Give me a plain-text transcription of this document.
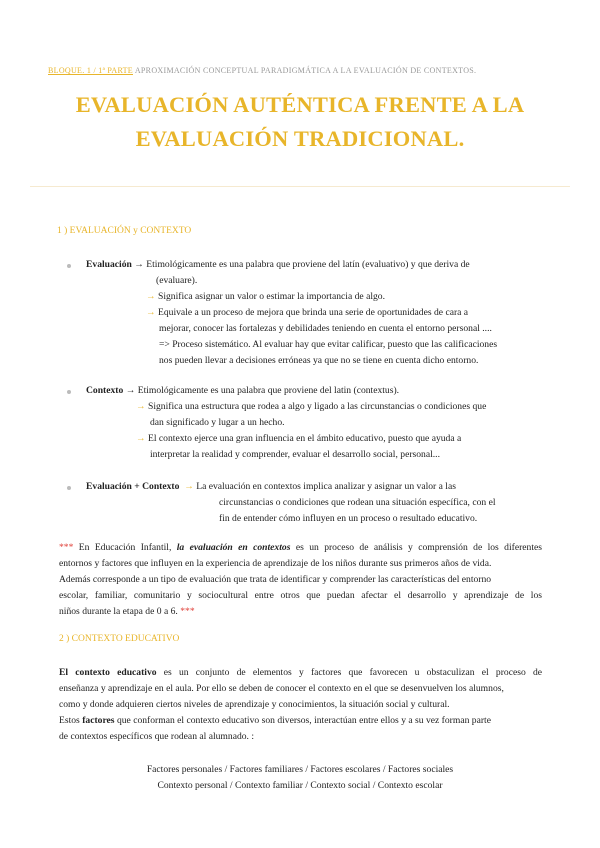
BLOQUE. 1 / 1ª PARTE APROXIMACIÓN CONCEPTUAL PARADIGMÁTICA A LA EVALUACIÓN DE CONTEXTOS.
EVALUACIÓN AUTÉNTICA FRENTE A LA
EVALUACIÓN TRADICIONAL.
1 ) EVALUACIÓN y CONTEXTO
Evaluación → Etimológicamente es una palabra que proviene del latín (evaluativo) y que deriva de
(evaluare).
→ Significa asignar un valor o estimar la importancia de algo.
→ Equivale a un proceso de mejora que brinda una serie de oportunidades de cara a
mejorar, conocer las fortalezas y debilidades teniendo en cuenta el entorno personal ....
=> Proceso sistemático. Al evaluar hay que evitar calificar, puesto que las calificaciones
nos pueden llevar a decisiones erróneas ya que no se tiene en cuenta dicho entorno.
Contexto → Etimológicamente es una palabra que proviene del latin (contextus).
→ Significa una estructura que rodea a algo y ligado a las circunstancias o condiciones que
dan significado y lugar a un hecho.
→ El contexto ejerce una gran influencia en el ámbito educativo, puesto que ayuda a
interpretar la realidad y comprender, evaluar el desarrollo social, personal...
Evaluación + Contexto → La evaluación en contextos implica analizar y asignar un valor a las
circunstancias o condiciones que rodean una situación específica, con el
fin de entender cómo influyen en un proceso o resultado educativo.
*** En Educación Infantil, la evaluación en contextos es un proceso de análisis y comprensión de los diferentes
entornos y factores que influyen en la experiencia de aprendizaje de los niños durante sus primeros años de vida.
Además corresponde a un tipo de evaluación que trata de identificar y comprender las características del entorno
escolar, familiar, comunitario y sociocultural entre otros que puedan afectar el desarrollo y aprendizaje de los
niños durante la etapa de 0 a 6. ***
2 ) CONTEXTO EDUCATIVO
El contexto educativo es un conjunto de elementos y factores que favorecen u obstaculizan el proceso de
enseñanza y aprendizaje en el aula. Por ello se deben de conocer el contexto en el que se desenvuelven los alumnos,
como y donde adquieren ciertos niveles de aprendizaje y conocimientos, la situación social y cultural.
Estos factores que conforman el contexto educativo son diversos, interactúan entre ellos y a su vez forman parte
de contextos específicos que rodean al alumnado. :
Factores personales / Factores familiares / Factores escolares / Factores sociales
Contexto personal / Contexto familiar / Contexto social / Contexto escolar
